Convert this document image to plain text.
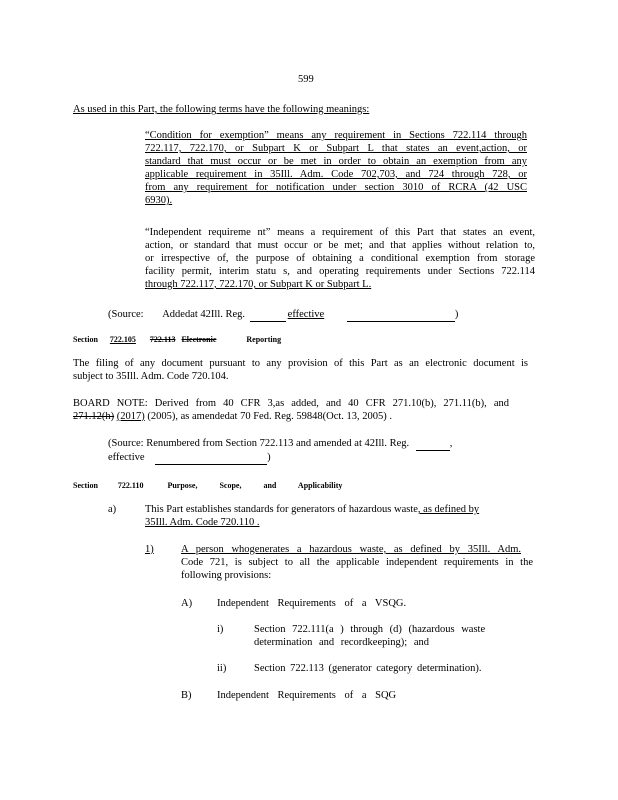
599
As used in this Part, the following terms have the following meanings:
“Condition for exemption” means any requirement in Sections 722.114 through
722.117, 722.170, or Subpart K or Subpart L that states an event,action, or
standard that must occur or be met in order to obtain an exemption from any
applicable requirement in 35Ill. Adm. Code 702,703, and 724 through 728, or
from any requirement for notification under section 3010 of RCRA (42 USC
6930).
“Independent requireme nt” means a requirement of this Part that states an event,
action, or standard that must occur or be met; and that applies without relation to,
or irrespective of, the purpose of obtaining a conditional exemption from storage
facility permit, interim statu s, and operating requirements under Sections 722.114
through 722.117, 722.170, or Subpart K or Subpart L.
(Source: Addedat 42Ill. Reg.	effective	)
Section 722.105 722.113 Electronic	Reporting
The filing of any document pursuant to any provision of this Part as an electronic document is
subject to 35Ill. Adm. Code 720.104.
BOARD NOTE: Derived from 40 CFR 3,as added, and 40 CFR 271.10(b), 271.11(b), and
271.12(h) (2017) (2005), as amendedat 70 Fed. Reg. 59848(Oct. 13, 2005) .
(Source: Renumbered from Section 722.113 and amended at 42Ill. Reg.	,
effective	)
Section	722.110	Purpose, Scope, and Applicability
a)	This Part establishes standards for generators of hazardous waste, as defined by
35Ill. Adm. Code 720.110 .
1)	A person whogenerates a hazardous waste, as defined by 35Ill. Adm.
Code 721, is subject to all the applicable independent requirements in the
following provisions:
A) Independent Requirements of a VSQG.
i)	Section 722.111(a ) through (d) (hazardous waste
determination and recordkeeping); and
ii)	Section 722.113 (generator category determination).
B) Independent Requirements of a SQG
